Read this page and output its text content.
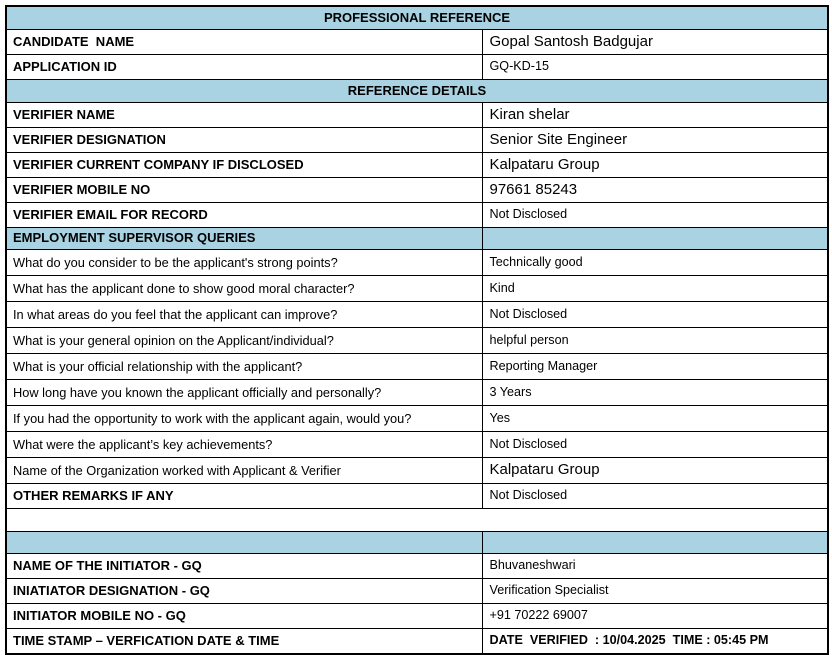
PROFESSIONAL REFERENCE	
CANDIDATE  NAME	Gopal Santosh Badgujar
APPLICATION ID	GQ-KD-15
REFERENCE DETAILS	
VERIFIER NAME	Kiran shelar
VERIFIER DESIGNATION	Senior Site Engineer
VERIFIER CURRENT COMPANY IF DISCLOSED	Kalpataru Group
VERIFIER MOBILE NO	97661 85243
VERIFIER EMAIL FOR RECORD	Not Disclosed
EMPLOYMENT SUPERVISOR QUERIES	
What do you consider to be the applicant's strong points?	Technically good
What has the applicant done to show good moral character?	Kind
In what areas do you feel that the applicant can improve?	Not Disclosed
What is your general opinion on the Applicant/individual?	helpful person
What is your official relationship with the applicant?	Reporting Manager
How long have you known the applicant officially and personally?	3 Years
If you had the opportunity to work with the applicant again, would you?	Yes
What were the applicant’s key achievements?	Not Disclosed
Name of the Organization worked with Applicant & Verifier	Kalpataru Group
OTHER REMARKS IF ANY	Not Disclosed

NAME OF THE INITIATOR - GQ	Bhuvaneshwari
INIATIATOR DESIGNATION - GQ	Verification Specialist
INITIATOR MOBILE NO - GQ	+91 70222 69007
TIME STAMP – VERFICATION DATE & TIME	DATE  VERIFIED  : 10/04.2025  TIME : 05:45 PM
